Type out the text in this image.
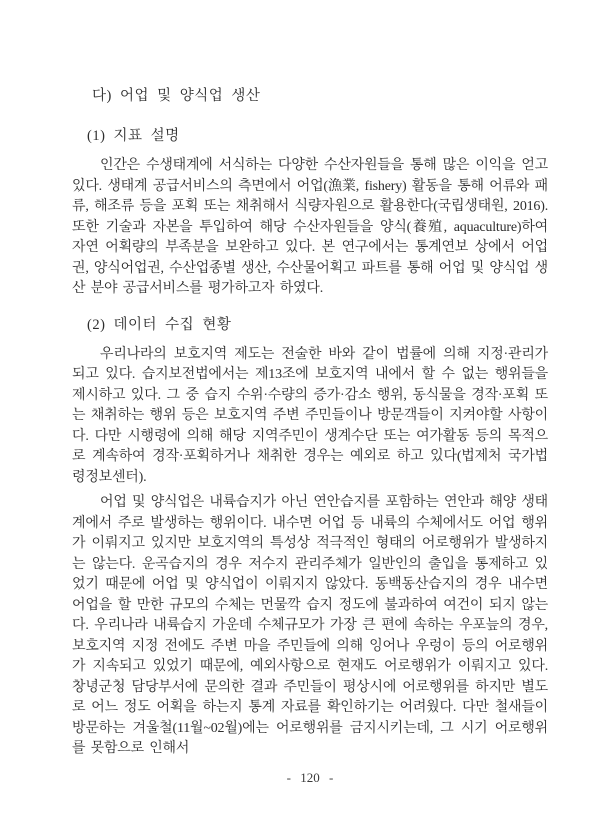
다) 어업 및 양식업 생산
(1) 지표 설명

인간은 수생태계에 서식하는 다양한 수산자원들을 통해 많은 이익을 얻고 있다. 생태계 공급서비스의 측면에서 어업(漁業, fishery) 활동을 통해 어류와 패류, 해조류 등을 포획 또는 채취해서 식량자원으로 활용한다(국립생태원, 2016). 또한 기술과 자본을 투입하여 해당 수산자원들을 양식(養殖, aquaculture)하여 자연 어획량의 부족분을 보완하고 있다. 본 연구에서는 통계연보 상에서 어업권, 양식어업권, 수산업종별 생산, 수산물어획고 파트를 통해 어업 및 양식업 생산 분야 공급서비스를 평가하고자 하였다.

(2) 데이터 수집 현황

우리나라의 보호지역 제도는 전술한 바와 같이 법률에 의해 지정·관리가 되고 있다. 습지보전법에서는 제13조에 보호지역 내에서 할 수 없는 행위들을 제시하고 있다. 그 중 습지 수위·수량의 증가·감소 행위, 동식물을 경작·포획 또는 채취하는 행위 등은 보호지역 주변 주민들이나 방문객들이 지켜야할 사항이다. 다만 시행령에 의해 해당 지역주민이 생계수단 또는 여가활동 등의 목적으로 계속하여 경작·포획하거나 채취한 경우는 예외로 하고 있다(법제처 국가법령정보센터).

어업 및 양식업은 내륙습지가 아닌 연안습지를 포함하는 연안과 해양 생태계에서 주로 발생하는 행위이다. 내수면 어업 등 내륙의 수체에서도 어업 행위가 이뤄지고 있지만 보호지역의 특성상 적극적인 형태의 어로행위가 발생하지는 않는다. 운곡습지의 경우 저수지 관리주체가 일반인의 출입을 통제하고 있었기 때문에 어업 및 양식업이 이뤄지지 않았다. 동백동산습지의 경우 내수면 어업을 할 만한 규모의 수체는 먼물깍 습지 정도에 불과하여 여건이 되지 않는다. 우리나라 내륙습지 가운데 수체규모가 가장 큰 편에 속하는 우포늪의 경우, 보호지역 지정 전에도 주변 마을 주민들에 의해 잉어나 우렁이 등의 어로행위가 지속되고 있었기 때문에, 예외사항으로 현재도 어로행위가 이뤄지고 있다. 창녕군청 담당부서에 문의한 결과 주민들이 평상시에 어로행위를 하지만 별도로 어느 정도 어획을 하는지 통계 자료를 확인하기는 어려웠다. 다만 철새들이 방문하는 겨울철(11월~02월)에는 어로행위를 금지시키는데, 그 시기 어로행위를 못함으로 인해서

- 120 -
